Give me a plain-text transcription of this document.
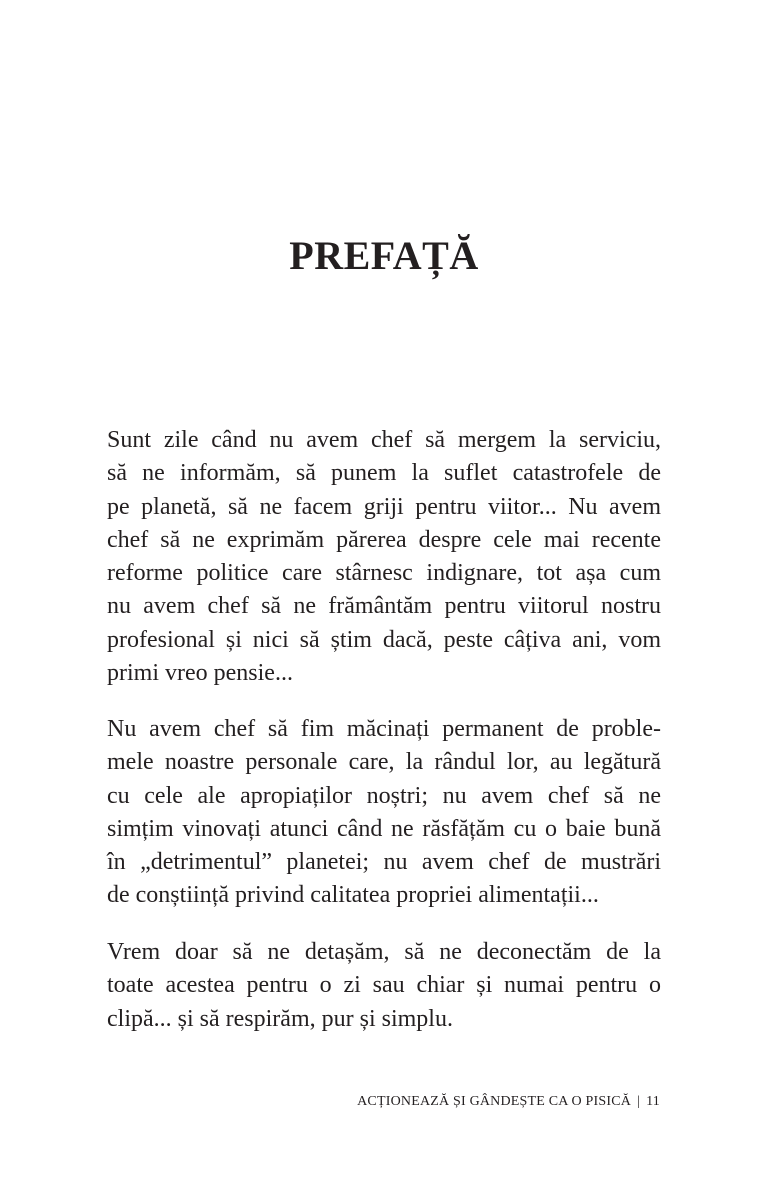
PREFAȚĂ
Sunt zile când nu avem chef să mergem la serviciu,
să ne informăm, să punem la suflet catastrofele de
pe planetă, să ne facem griji pentru viitor... Nu avem
chef să ne exprimăm părerea despre cele mai recente
reforme politice care stârnesc indignare, tot așa cum
nu avem chef să ne frământăm pentru viitorul nostru
profesional și nici să știm dacă, peste câțiva ani, vom
primi vreo pensie...
Nu avem chef să fim măcinați permanent de proble-
mele noastre personale care, la rândul lor, au legătură
cu cele ale apropiaților noștri; nu avem chef să ne
simțim vinovați atunci când ne răsfățăm cu o baie bună
în „detrimentul” planetei; nu avem chef de mustrări
de conștiință privind calitatea propriei alimentații...
Vrem doar să ne detașăm, să ne deconectăm de la
toate acestea pentru o zi sau chiar și numai pentru o
clipă... și să respirăm, pur și simplu.
ACȚIONEAZĂ ȘI GÂNDEȘTE CA O PISICĂ | 11
